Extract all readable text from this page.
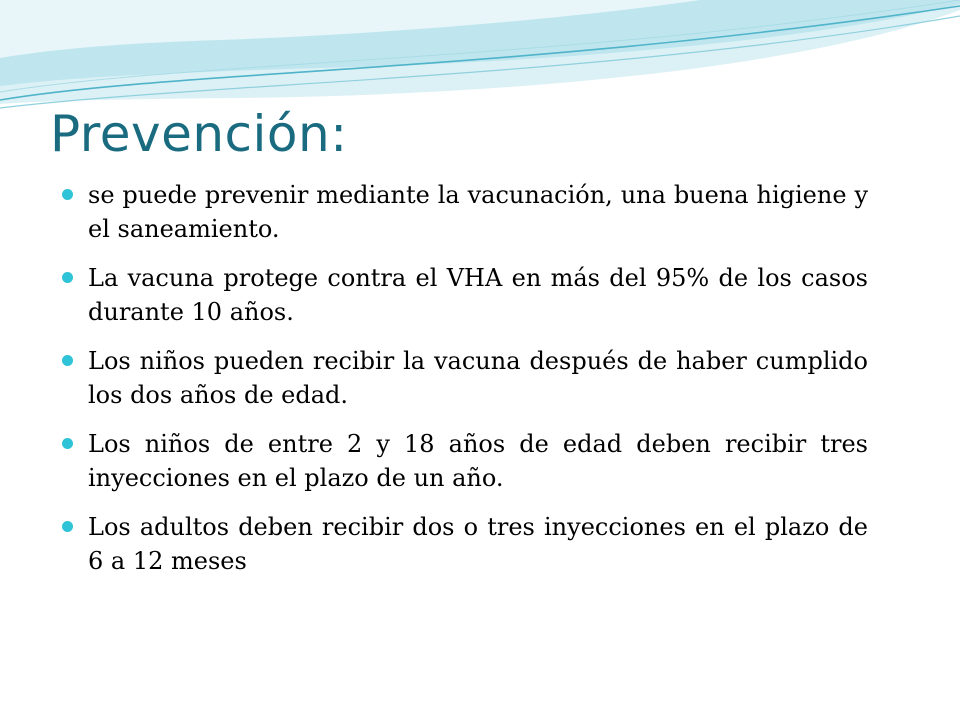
Prevención:
se puede prevenir mediante la vacunación, una buena higiene y el saneamiento.
La vacuna protege contra el VHA en más del 95% de los casos durante 10 años.
Los niños pueden recibir la vacuna después de haber cumplido los dos años de edad.
Los niños de entre 2 y 18 años de edad deben recibir tres inyecciones en el plazo de un año.
Los adultos deben recibir dos o tres inyecciones en el plazo de 6 a 12 meses
